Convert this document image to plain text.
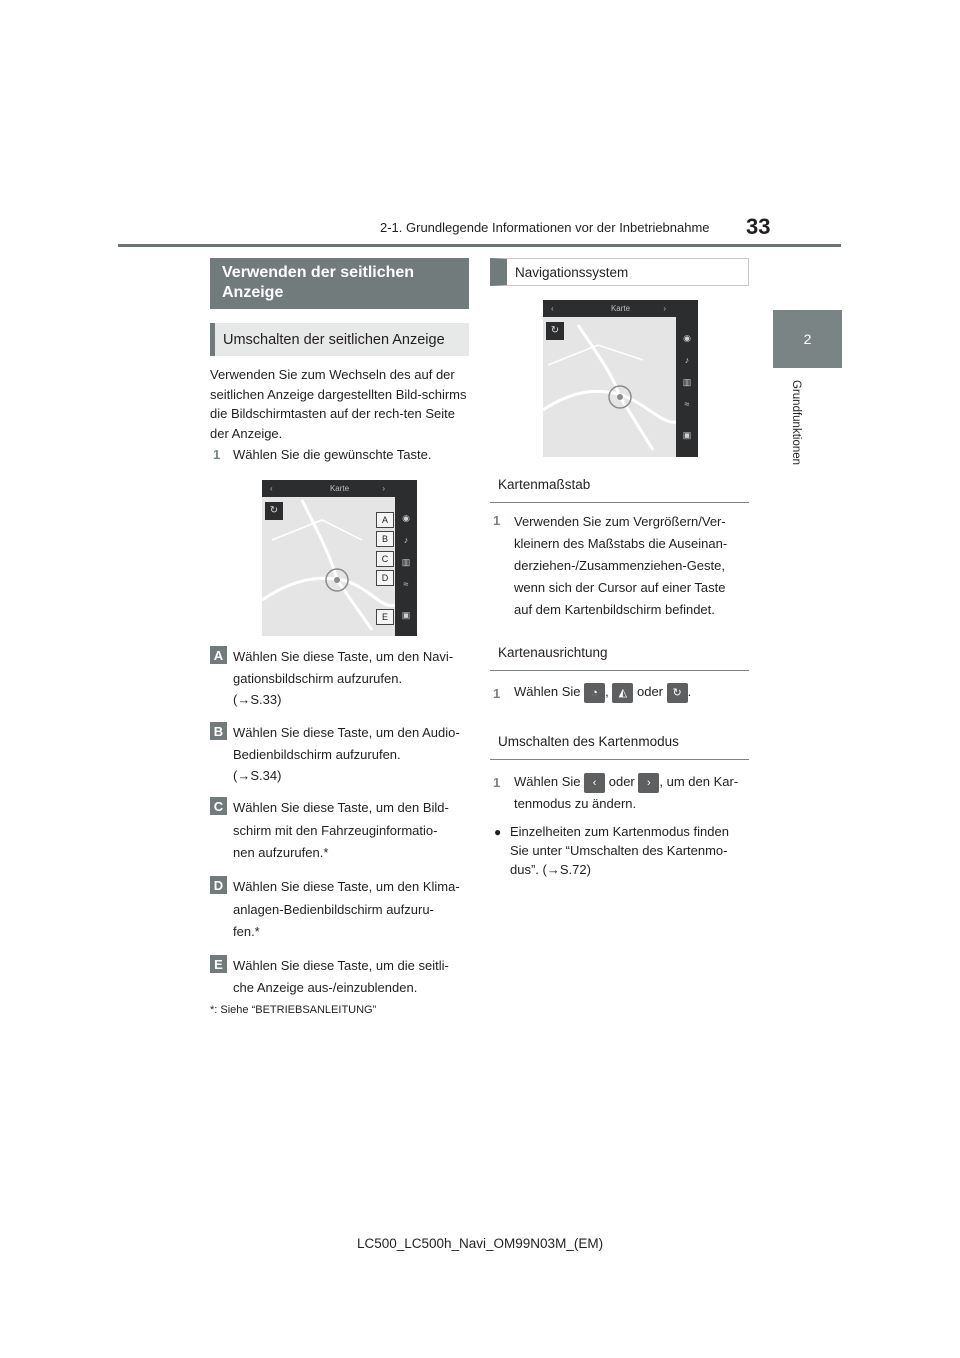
2-1. Grundlegende Informationen vor der Inbetriebnahme 33
2
Grundfunktionen
Verwenden der seitlichen Anzeige
Umschalten der seitlichen Anzeige
Verwenden Sie zum Wechseln des auf der seitlichen Anzeige dargestellten Bild-schirms die Bildschirmtasten auf der rech-ten Seite der Anzeige.
1 Wählen Sie die gewünschte Taste.
‹	Karte	›
↻
◉
♪
▥
≈
▣
A
B
C
D
E
A Wählen Sie diese Taste, um den Navi-
gationsbildschirm aufzurufen.
(→S.33)
B Wählen Sie diese Taste, um den Audio-
Bedienbildschirm aufzurufen.
(→S.34)
C Wählen Sie diese Taste, um den Bild-
schirm mit den Fahrzeuginformatio-
nen aufzurufen.*
D Wählen Sie diese Taste, um den Klima-
anlagen-Bedienbildschirm aufzuru-
fen.*
E Wählen Sie diese Taste, um die seitli-
che Anzeige aus-/einzublenden.
*: Siehe “BETRIEBSANLEITUNG”
Navigationssystem
‹	Karte	›
↻
◉
♪
▥
≈
▣
Kartenmaßstab
1 Verwenden Sie zum Vergrößern/Ver-
kleinern des Maßstabs die Auseinan-
derziehen-/Zusammenziehen-Geste,
wenn sich der Cursor auf einer Taste
auf dem Kartenbildschirm befindet.
Kartenausrichtung
1 Wählen Sie ◔ , ◭ oder ↻ .
Umschalten des Kartenmodus
1 Wählen Sie ‹ oder › , um den Kar-
tenmodus zu ändern.
● Einzelheiten zum Kartenmodus finden
Sie unter “Umschalten des Kartenmo-
dus”. (→S.72)
LC500_LC500h_Navi_OM99N03M_(EM)
